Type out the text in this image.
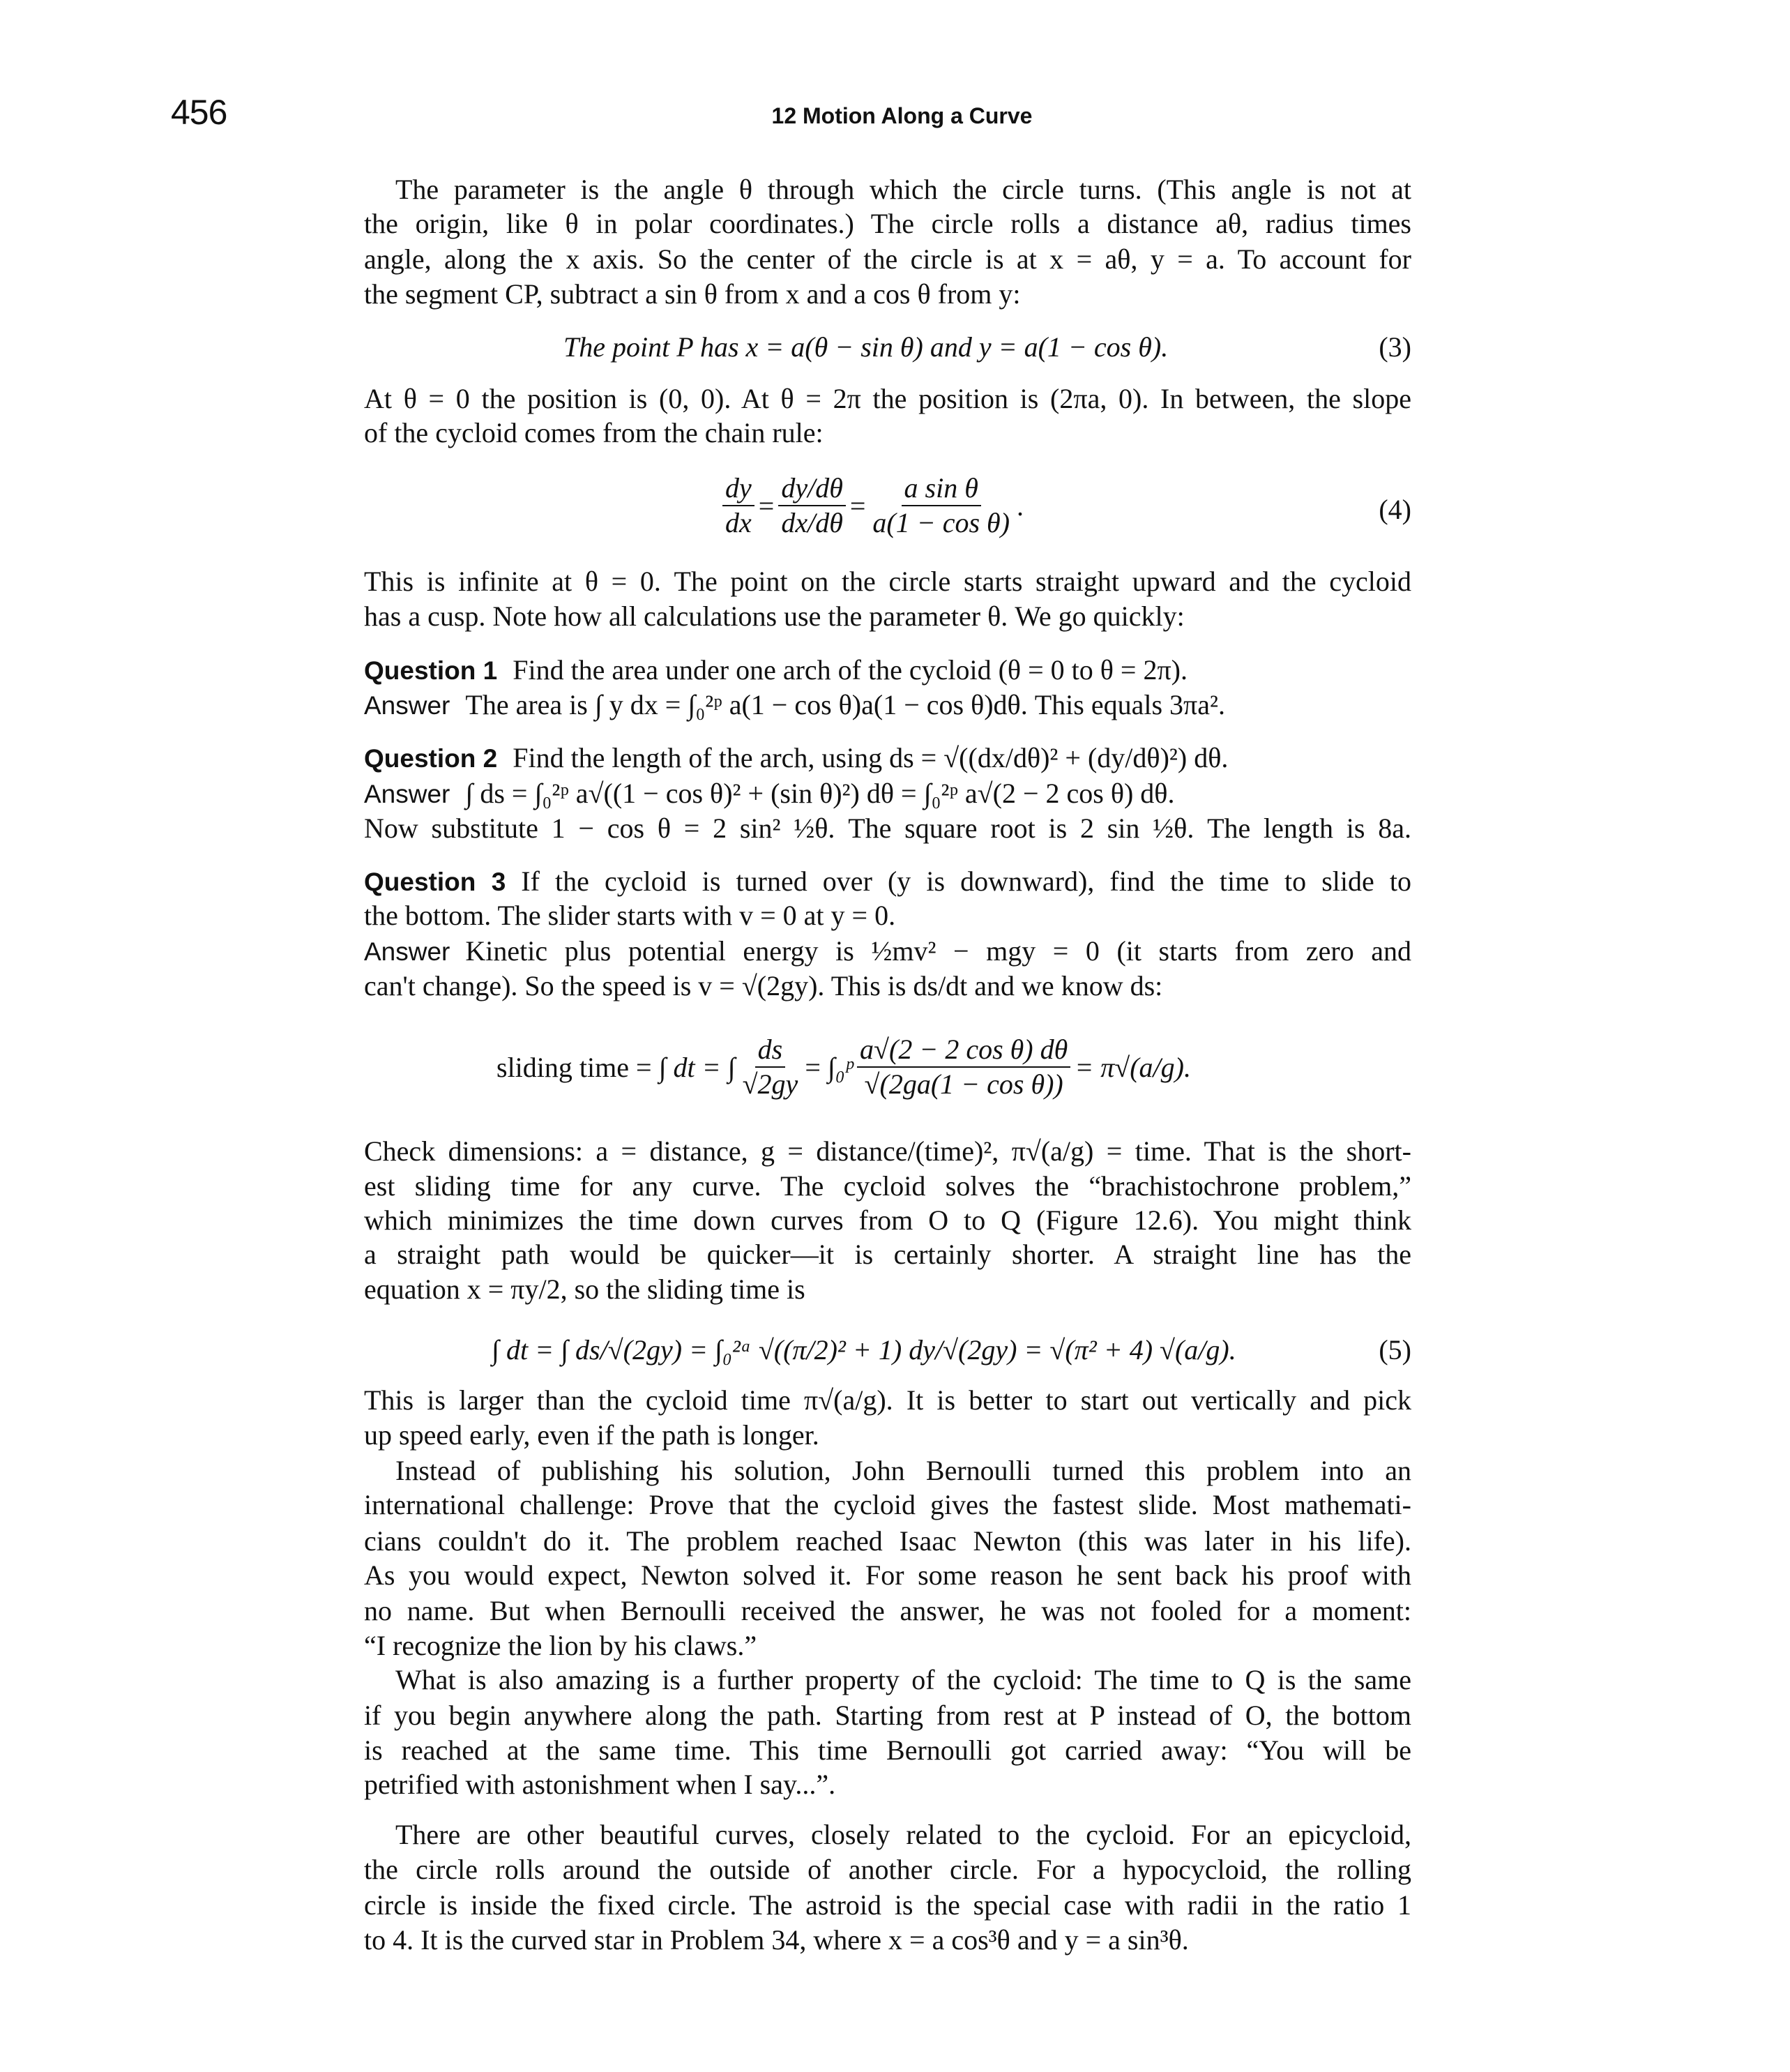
456	12 Motion Along a Curve
The parameter is the angle θ through which the circle turns. (This angle is not at
the origin, like θ in polar coordinates.) The circle rolls a distance aθ, radius times
angle, along the x axis. So the center of the circle is at x = aθ, y = a. To account for
the segment CP, subtract a sin θ from x and a cos θ from y:
The point P has x = a(θ − sin θ) and y = a(1 − cos θ).	(3)
At θ = 0 the position is (0, 0). At θ = 2π the position is (2πa, 0). In between, the slope
of the cycloid comes from the chain rule:
$\frac{dy}{dx} = \frac{dy/d\theta}{dx/d\theta} = \frac{\text{a sin θ}}{\text{a(1 − cos θ)}}$ .	(4)
This is infinite at θ = 0. The point on the circle starts straight upward and the cycloid
has a cusp. Note how all calculations use the parameter θ. We go quickly:
Question 1 Find the area under one arch of the cycloid (θ = 0 to θ = 2π).
Answer The area is ∫ y dx = ∫₀²ᵖ a(1 − cos θ)a(1 − cos θ)dθ. This equals 3πa².
Question 2 Find the length of the arch, using ds = √((dx/dθ)² + (dy/dθ)²) dθ.
Answer ∫ ds = ∫₀²ᵖ a√((1 − cos θ)² + (sin θ)²) dθ = ∫₀²ᵖ a√(2 − 2 cos θ) dθ.
Now substitute 1 − cos θ = 2 sin² ½θ. The square root is 2 sin ½θ. The length is 8a.
Question 3 If the cycloid is turned over (y is downward), find the time to slide to
the bottom. The slider starts with v = 0 at y = 0.
Answer Kinetic plus potential energy is ½mv² − mgy = 0 (it starts from zero and
can't change). So the speed is v = √(2gy). This is ds/dt and we know ds:
sliding time = ∫ dt = ∫ $\frac{ds}{√2gy}$ = ∫₀ᵖ $\frac{\text{a√(2 − 2 cos θ) dθ}}{\text{√(2ga(1 − cos θ))}} = \pi√(a/g)$.
Check dimensions: a = distance, g = distance/(time)², π√(a/g) = time. That is the short-
est sliding time for any curve. The cycloid solves the “brachistochrone problem,”
which minimizes the time down curves from O to Q (Figure 12.6). You might think
a straight path would be quicker—it is certainly shorter. A straight line has the
equation x = πy/2, so the sliding time is
∫ dt = ∫ ds/√(2gy) = ∫₀²ᵃ √((π/2)² + 1) dy/√(2gy) = √(π² + 4) √(a/g).	(5)
This is larger than the cycloid time π√(a/g). It is better to start out vertically and pick
up speed early, even if the path is longer.
Instead of publishing his solution, John Bernoulli turned this problem into an
international challenge: Prove that the cycloid gives the fastest slide. Most mathemati-
cians couldn't do it. The problem reached Isaac Newton (this was later in his life).
As you would expect, Newton solved it. For some reason he sent back his proof with
no name. But when Bernoulli received the answer, he was not fooled for a moment:
“I recognize the lion by his claws.”
What is also amazing is a further property of the cycloid: The time to Q is the same
if you begin anywhere along the path. Starting from rest at P instead of O, the bottom
is reached at the same time. This time Bernoulli got carried away: “You will be
petrified with astonishment when I say...”.
There are other beautiful curves, closely related to the cycloid. For an epicycloid,
the circle rolls around the outside of another circle. For a hypocycloid, the rolling
circle is inside the fixed circle. The astroid is the special case with radii in the ratio 1
to 4. It is the curved star in Problem 34, where x = a cos³θ and y = a sin³θ.
